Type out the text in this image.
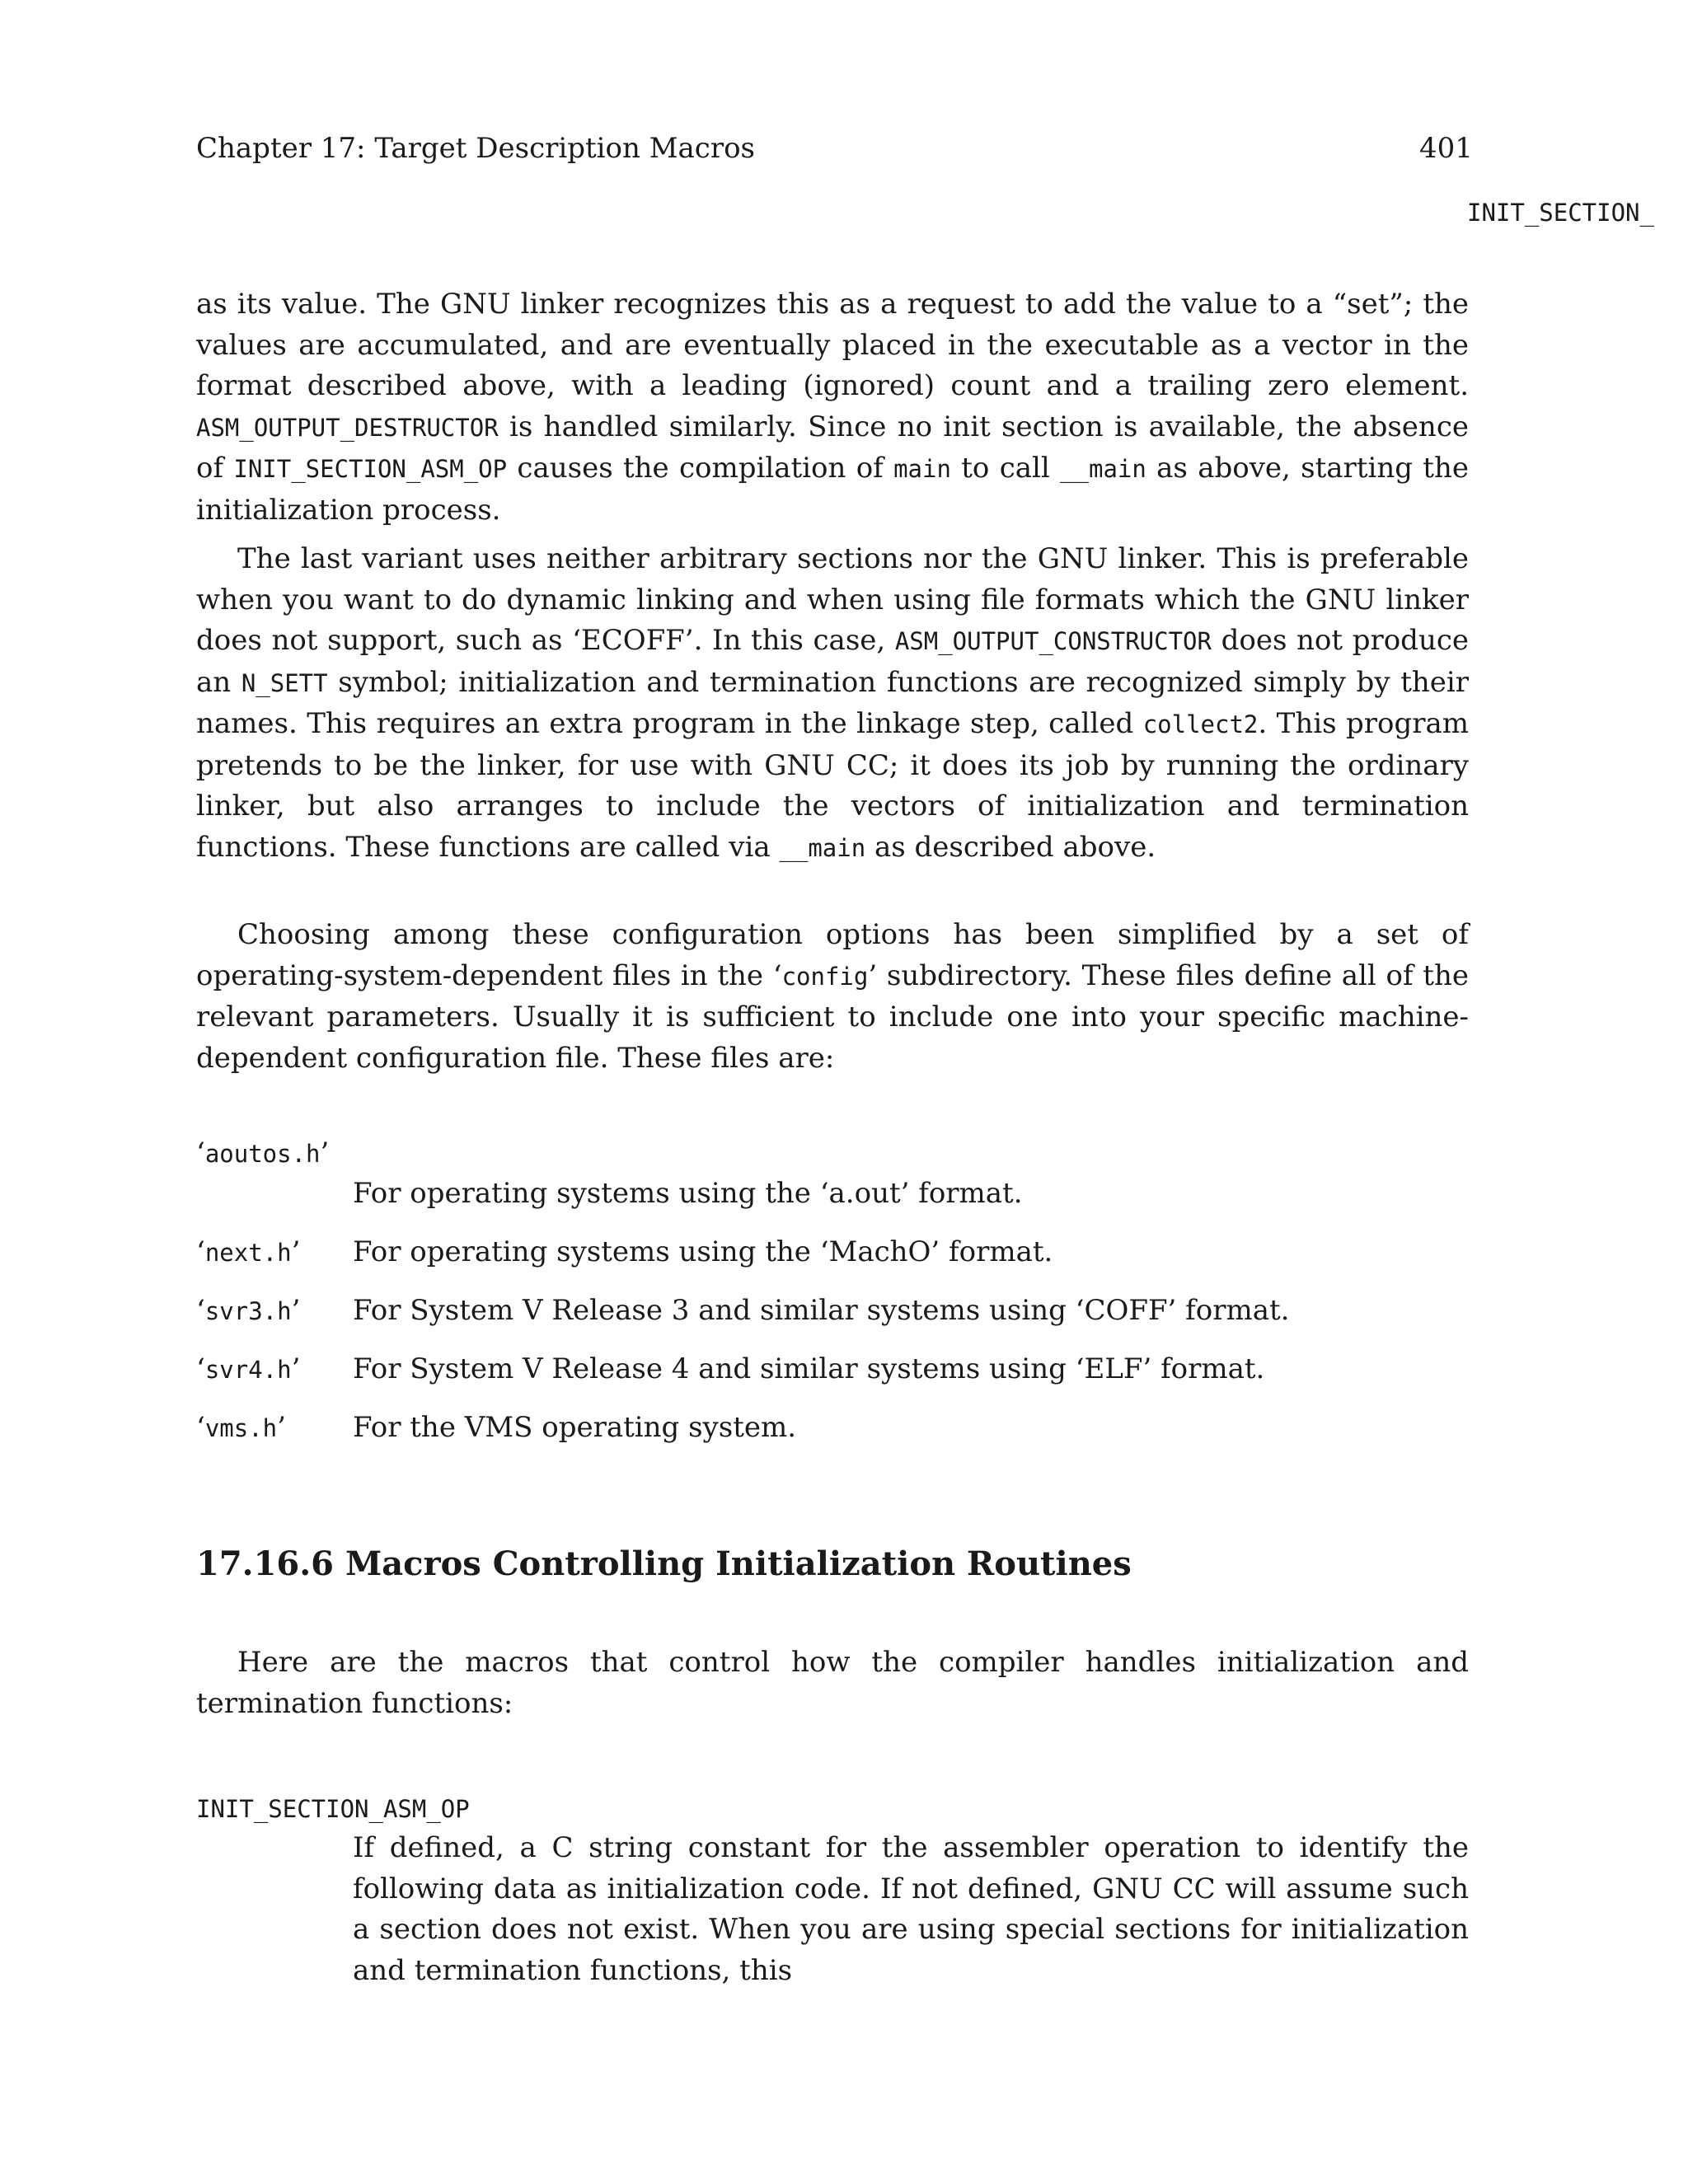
Chapter 17: Target Description Macros	401
INIT_SECTION_

as its value. The GNU linker recognizes this as a request to add the value to a “set”; the values are accumulated, and are eventually placed in the executable as a vector in the format described above, with a leading (ignored) count and a trailing zero element. ASM_OUTPUT_DESTRUCTOR is handled similarly. Since no init section is available, the absence of INIT_SECTION_ASM_OP causes the compilation of main to call __main as above, starting the initialization process.

The last variant uses neither arbitrary sections nor the GNU linker. This is preferable when you want to do dynamic linking and when using file formats which the GNU linker does not support, such as ‘ECOFF’. In this case, ASM_OUTPUT_CONSTRUCTOR does not produce an N_SETT symbol; initialization and termination functions are recognized simply by their names. This requires an extra program in the linkage step, called collect2. This program pretends to be the linker, for use with GNU CC; it does its job by running the ordinary linker, but also arranges to include the vectors of initialization and termination functions. These functions are called via __main as described above.

Choosing among these configuration options has been simplified by a set of operating-system-dependent files in the ‘config’ subdirectory. These files define all of the relevant parameters. Usually it is sufficient to include one into your specific machine-dependent configuration file. These files are:

‘aoutos.h’
For operating systems using the ‘a.out’ format.
‘next.h’ For operating systems using the ‘MachO’ format.
‘svr3.h’ For System V Release 3 and similar systems using ‘COFF’ format.
‘svr4.h’ For System V Release 4 and similar systems using ‘ELF’ format.
‘vms.h’ For the VMS operating system.
17.16.6 Macros Controlling Initialization Routines

Here are the macros that control how the compiler handles initialization and termination functions:

INIT_SECTION_ASM_OP

If defined, a C string constant for the assembler operation to identify the following data as initialization code. If not defined, GNU CC will assume such a section does not exist. When you are using special sections for initialization and termination functions, this
